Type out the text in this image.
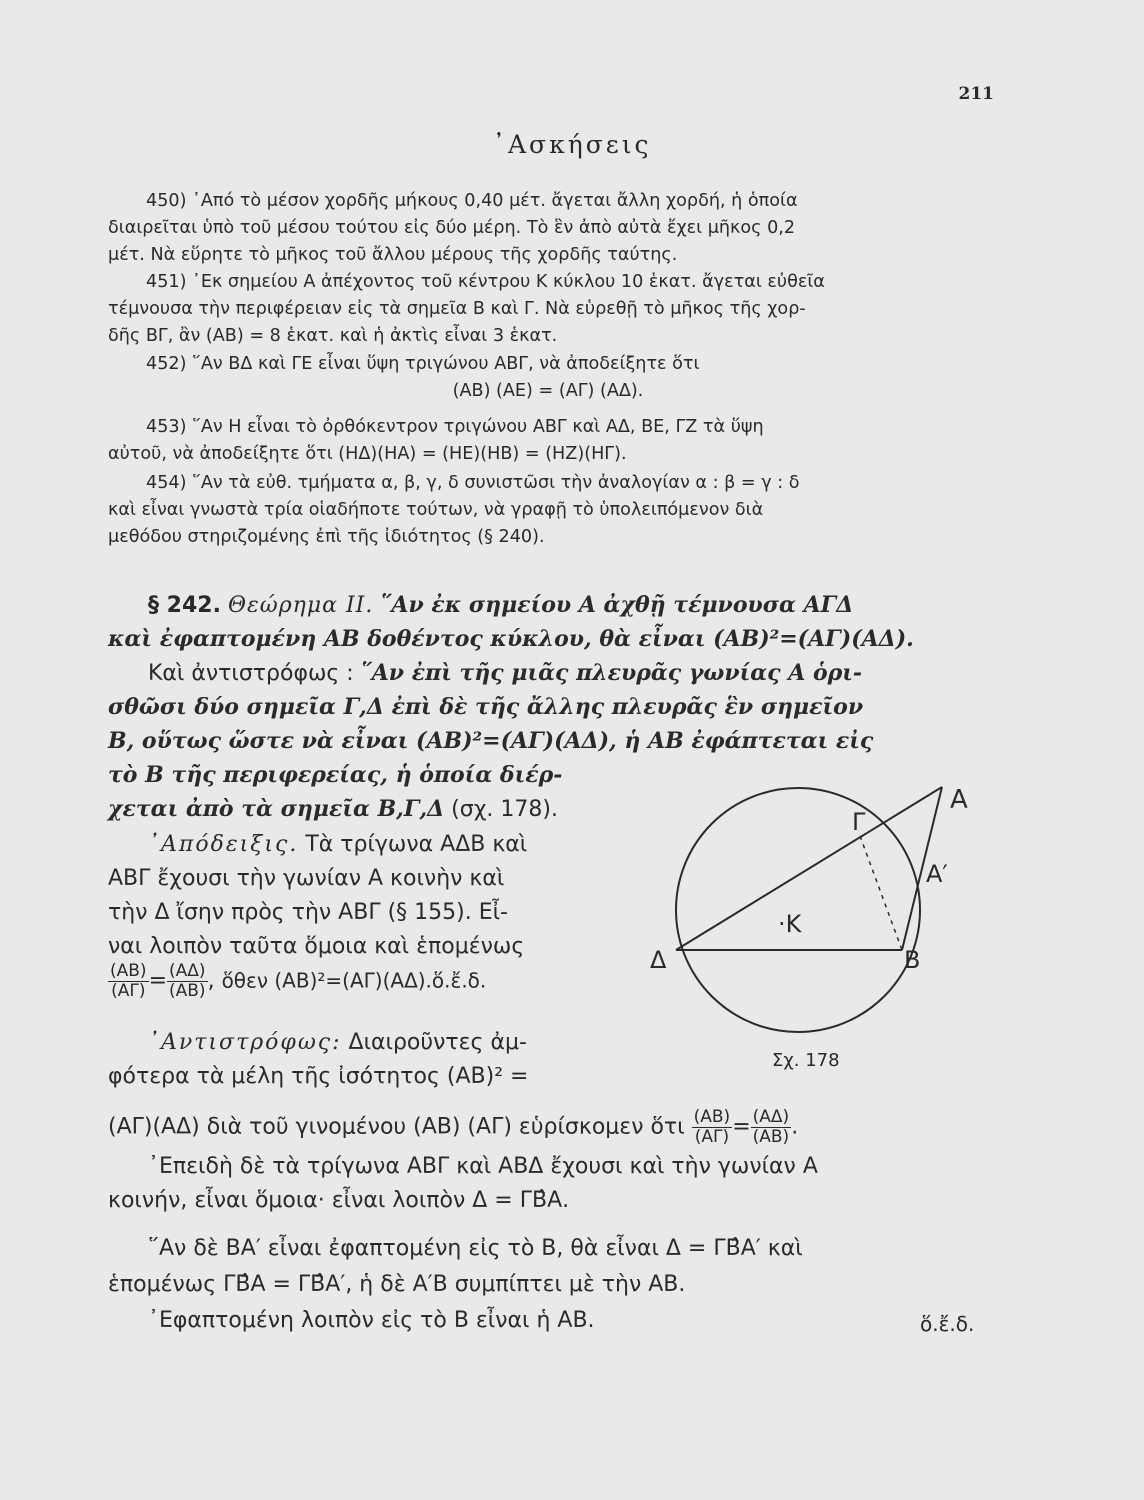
211
᾿Ασκήσεις

450) ᾿Από τὸ μέσον χορδῆς μήκους 0,40 μέτ. ἄγεται ἄλλη χορδή, ἡ ὁποία

διαιρεῖται ὑπὸ τοῦ μέσου τούτου εἰς δύο μέρη. Τὸ ἓν ἀπὸ αὐτὰ ἔχει μῆκος 0,2
μέτ. Νὰ εὕρητε τὸ μῆκος τοῦ ἄλλου μέρους τῆς χορδῆς ταύτης.

451) ᾿Εκ σημείου Α ἀπέχοντος τοῦ κέντρου Κ κύκλου 10 ἑκατ. ἄγεται εὐθεῖα

τέμνουσα τὴν περιφέρειαν εἰς τὰ σημεῖα Β καὶ Γ. Νὰ εὑρεθῇ τὸ μῆκος τῆς χορ-
δῆς ΒΓ, ἂν (ΑΒ) = 8 ἑκατ. καὶ ἡ ἀκτὶς εἶναι 3 ἑκατ.

452) ῞Αν ΒΔ καὶ ΓΕ εἶναι ὕψη τριγώνου ΑΒΓ, νὰ ἀποδείξητε ὅτι

(ΑΒ) (ΑΕ) = (ΑΓ) (ΑΔ).

453) ῞Αν Η εἶναι τὸ ὀρθόκεντρον τριγώνου ΑΒΓ καὶ ΑΔ, ΒΕ, ΓΖ τὰ ὕψη

αὐτοῦ, νὰ ἀποδείξητε ὅτι (ΗΔ)(ΗΑ) = (ΗΕ)(ΗΒ) = (ΗΖ)(ΗΓ).

454) ῞Αν τὰ εὐθ. τμήματα α, β, γ, δ συνιστῶσι τὴν ἀναλογίαν α : β = γ : δ

καὶ εἶναι γνωστὰ τρία οἱαδήποτε τούτων, νὰ γραφῇ τὸ ὑπολειπόμενον διὰ
μεθόδου στηριζομένης ἐπὶ τῆς ἰδιότητος (§ 240).
§ 242. Θεώρημα ΙΙ. ῞Αν ἐκ σημείου Α ἀχθῇ τέμνουσα ΑΓΔ
καὶ ἐφαπτομένη ΑΒ δοθέντος κύκλου, θὰ εἶναι (ΑΒ)²=(ΑΓ)(ΑΔ).
Καὶ ἀντιστρόφως : ῞Αν ἐπὶ τῆς μιᾶς πλευρᾶς γωνίας Α ὁρι-
σθῶσι δύο σημεῖα Γ,Δ ἐπὶ δὲ τῆς ἄλλης πλευρᾶς ἓν σημεῖον
Β, οὕτως ὥστε νὰ εἶναι (ΑΒ)²=(ΑΓ)(ΑΔ), ἡ ΑΒ ἐφάπτεται εἰς
τὸ Β τῆς περιφερείας, ἡ ὁποία διέρ-
χεται ἀπὸ τὰ σημεῖα Β,Γ,Δ (σχ. 178).
᾿Απόδειξις. Τὰ τρίγωνα ΑΔΒ καὶ
ΑΒΓ ἔχουσι τὴν γωνίαν Α κοινὴν καὶ
τὴν Δ ἴσην πρὸς τὴν ΑΒΓ (§ 155). Εἶ-
ναι λοιπὸν ταῦτα ὅμοια καὶ ἑπομένως
$\frac{(AB)}{(A\Gamma)} = \frac{(A\Delta)}{(AB)}$ , ὅθεν (ΑΒ)²=(ΑΓ)(ΑΔ).ὅ.ἔ.δ.
᾿Αντιστρόφως: Διαιροῦντες ἀμ-
φότερα τὰ μέλη τῆς ἰσότητος (ΑΒ)² =
(ΑΓ)(ΑΔ) διὰ τοῦ γινομένου (ΑΒ) (ΑΓ) εὑρίσκομεν ὅτι $\frac{(AB)}{(A\Gamma)} = \frac{(A\Delta)}{(AB)}$ .
᾿Επειδὴ δὲ τὰ τρίγωνα ΑΒΓ καὶ ΑΒΔ ἔχουσι καὶ τὴν γωνίαν Α
κοινήν, εἶναι ὅμοια· εἶναι λοιπὸν Δ = ΓΒ̂Α.
῞Αν δὲ ΒΑ′ εἶναι ἐφαπτομένη εἰς τὸ Β, θὰ εἶναι Δ = ΓΒ̂Α′ καὶ
ἑπομένως ΓΒ̂Α = ΓΒ̂Α′, ἡ δὲ Α′Β συμπίπτει μὲ τὴν ΑΒ.
᾿Εφαπτομένη λοιπὸν εἰς τὸ Β εἶναι ἡ ΑΒ.	ὅ.ἔ.δ.
Α
Γ
Α′
·Κ
Δ	Β
Σχ. 178
